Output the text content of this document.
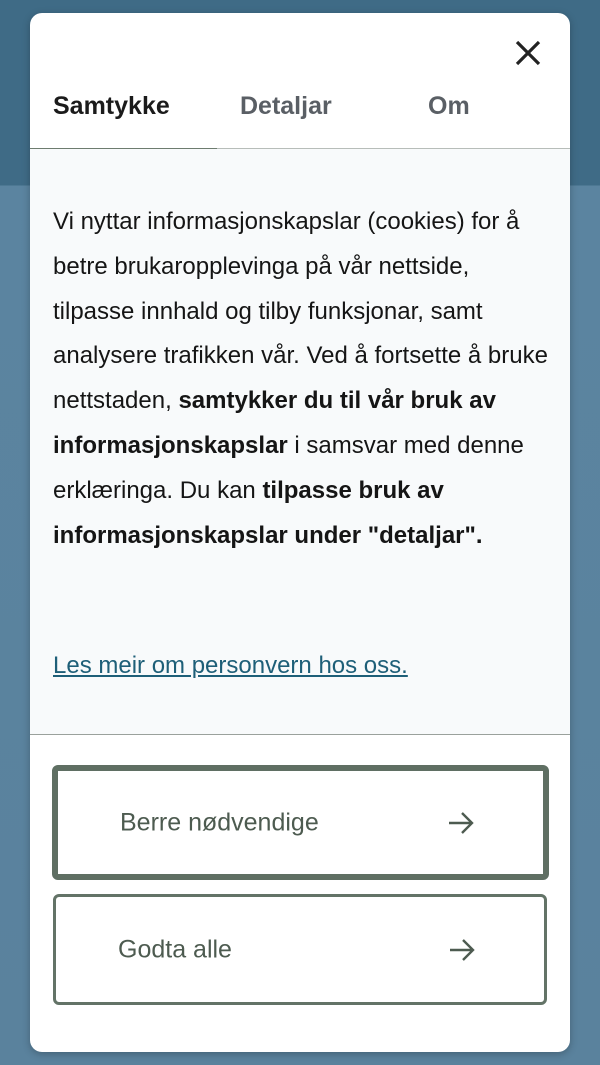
Samtykke	Detaljar	Om
Vi nyttar informasjonskapslar (cookies) for å betre brukaropplevinga på vår nettside, tilpasse innhald og tilby funksjonar, samt analysere trafikken vår. Ved å fortsette å bruke nettstaden, samtykker du til vår bruk av informasjonskapslar i samsvar med denne erklæringa. Du kan tilpasse bruk av informasjonskapslar under "detaljar".
Les meir om personvern hos oss.
Berre nødvendige
Godta alle
